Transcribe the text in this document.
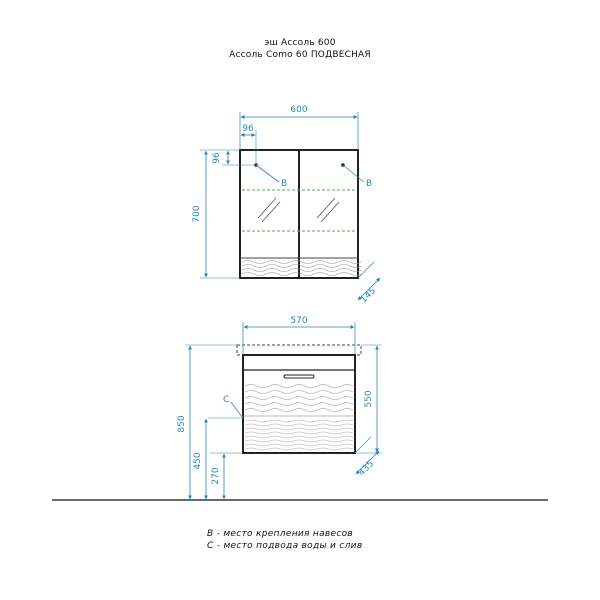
эш Ассоль 600
Ассоль Como 60 ПОДВЕСНАЯ
B	B
600
96
96
700
145
570
C
850
450
270
550
435
B - место крепления навесов
C - место подвода воды и слив
